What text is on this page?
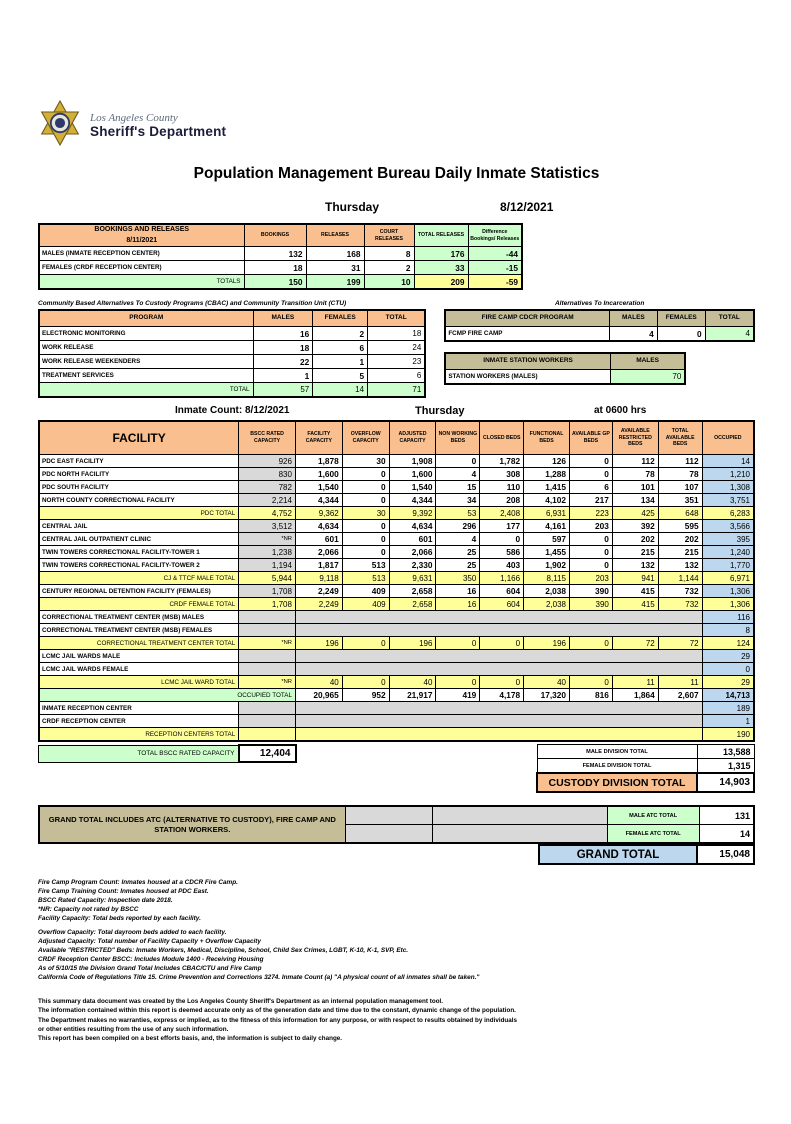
Los Angeles County
Sheriff's Department
Population Management Bureau Daily Inmate Statistics
Thursday	8/12/2021
BOOKINGS AND RELEASES
8/11/2021	BOOKINGS	RELEASES	COURT RELEASES	TOTAL RELEASES	Difference Bookings/ Releases
MALES (INMATE RECEPTION CENTER)	132	168	8	176	-44
FEMALES (CRDF RECEPTION CENTER)	18	31	2	33	-15
TOTALS	150	199	10	209	-59
Community Based Alternatives To Custody Programs (CBAC) and Community Transition Unit (CTU)
PROGRAM	MALES	FEMALES	TOTAL
ELECTRONIC MONITORING	16	2	18
WORK RELEASE	18	6	24
WORK RELEASE WEEKENDERS	22	1	23
TREATMENT SERVICES	1	5	6
TOTAL	57	14	71
Alternatives To Incarceration
FIRE CAMP CDCR PROGRAM	MALES	FEMALES	TOTAL
FCMP FIRE CAMP	4	0	4
INMATE STATION WORKERS	MALES
STATION WORKERS (MALES)	70
Inmate Count: 8/12/2021	Thursday	at 0600 hrs
FACILITY	BSCC RATED CAPACITY	FACILITY CAPACITY	OVERFLOW CAPACITY	ADJUSTED CAPACITY	NON WORKING BEDS	CLOSED BEDS	FUNCTIONAL BEDS	AVAILABLE GP BEDS	AVAILABLE RESTRICTED BEDS	TOTAL AVAILABLE BEDS	OCCUPIED
PDC EAST FACILITY	926	1,878	30	1,908	0	1,782	126	0	112	112	14
PDC NORTH FACILITY	830	1,600	0	1,600	4	308	1,288	0	78	78	1,210
PDC SOUTH FACILITY	782	1,540	0	1,540	15	110	1,415	6	101	107	1,308
NORTH COUNTY CORRECTIONAL FACILITY	2,214	4,344	0	4,344	34	208	4,102	217	134	351	3,751
PDC TOTAL	4,752	9,362	30	9,392	53	2,408	6,931	223	425	648	6,283
CENTRAL JAIL	3,512	4,634	0	4,634	296	177	4,161	203	392	595	3,566
CENTRAL JAIL OUTPATIENT CLINIC	*NR	601	0	601	4	0	597	0	202	202	395
TWIN TOWERS CORRECTIONAL FACILITY-TOWER 1	1,238	2,066	0	2,066	25	586	1,455	0	215	215	1,240
TWIN TOWERS CORRECTIONAL FACILITY-TOWER 2	1,194	1,817	513	2,330	25	403	1,902	0	132	132	1,770
CJ & TTCF MALE TOTAL	5,944	9,118	513	9,631	350	1,166	8,115	203	941	1,144	6,971
CENTURY REGIONAL DETENTION FACILITY (FEMALES)	1,708	2,249	409	2,658	16	604	2,038	390	415	732	1,306
CRDF FEMALE TOTAL	1,708	2,249	409	2,658	16	604	2,038	390	415	732	1,306
CORRECTIONAL TREATMENT CENTER (MSB) MALES											116
CORRECTIONAL TREATMENT CENTER (MSB) FEMALES											8
CORRECTIONAL TREATMENT CENTER TOTAL	*NR	196	0	196	0	0	196	0	72	72	124
LCMC JAIL WARDS MALE											29
LCMC JAIL WARDS FEMALE											0
LCMC JAIL WARD TOTAL	*NR	40	0	40	0	0	40	0	11	11	29
OCCUPIED TOTAL		20,965	952	21,917	419	4,178	17,320	816	1,864	2,607	14,713
INMATE RECEPTION CENTER											189
CRDF RECEPTION CENTER											1
RECEPTION CENTERS TOTAL											190
TOTAL BSCC RATED CAPACITY	12,404	MALE DIVISION TOTAL	13,588
FEMALE DIVISION TOTAL	1,315
CUSTODY DIVISION TOTAL	14,903
GRAND TOTAL INCLUDES ATC (ALTERNATIVE TO CUSTODY), FIRE CAMP AND STATION WORKERS.			MALE ATC TOTAL	131
			FEMALE ATC TOTAL	14
GRAND TOTAL	15,048
Fire Camp Program Count: Inmates housed at a CDCR Fire Camp.
Fire Camp Training Count: Inmates housed at PDC East.
BSCC Rated Capacity: Inspection date 2018.
*NR: Capacity not rated by BSCC
Facility Capacity: Total beds reported by each facility.
Overflow Capacity: Total dayroom beds added to each facility.
Adjusted Capacity: Total number of Facility Capacity + Overflow Capacity
Available "RESTRICTED" Beds: Inmate Workers, Medical, Discipline, School, Child Sex Crimes, LGBT, K-10, K-1, SVP, Etc.
CRDF Reception Center BSCC: Includes Module 1400 - Receiving Housing
As of 5/10/15 the Division Grand Total Includes CBAC/CTU and Fire Camp
California Code of Regulations Title 15. Crime Prevention and Corrections 3274. Inmate Count (a) "A physical count of all inmates shall be taken."
This summary data document was created by the Los Angeles County Sheriff's Department as an internal population management tool.
The information contained within this report is deemed accurate only as of the generation date and time due to the constant, dynamic change of the population.
The Department makes no warranties, express or implied, as to the fitness of this information for any purpose, or with respect to results obtained by individuals
or other entities resulting from the use of any such information.
This report has been compiled on a best efforts basis, and, the information is subject to daily change.
